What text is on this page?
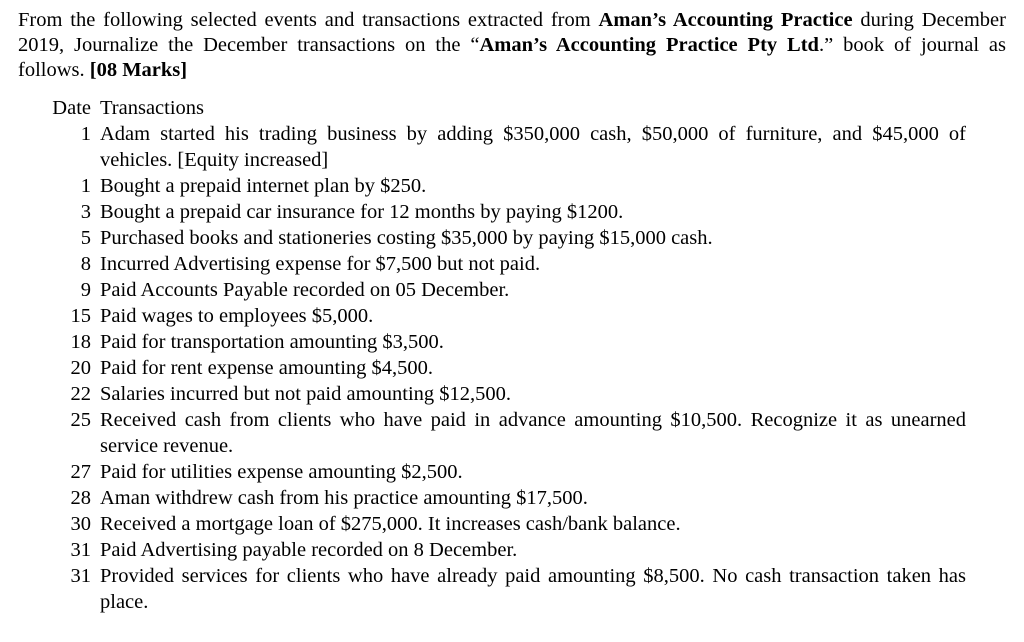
From the following selected events and transactions extracted from Aman’s Accounting Practice during December 2019, Journalize the December transactions on the “Aman’s Accounting Practice Pty Ltd.” book of journal as follows. [08 Marks]

Date Transactions
1 Adam started his trading business by adding $350,000 cash, $50,000 of furniture, and $45,000 of vehicles. [Equity increased]
1 Bought a prepaid internet plan by $250.
3 Bought a prepaid car insurance for 12 months by paying $1200.
5 Purchased books and stationeries costing $35,000 by paying $15,000 cash.
8 Incurred Advertising expense for $7,500 but not paid.
9 Paid Accounts Payable recorded on 05 December.
15 Paid wages to employees $5,000.
18 Paid for transportation amounting $3,500.
20 Paid for rent expense amounting $4,500.
22 Salaries incurred but not paid amounting $12,500.
25 Received cash from clients who have paid in advance amounting $10,500. Recognize it as unearned service revenue.
27 Paid for utilities expense amounting $2,500.
28 Aman withdrew cash from his practice amounting $17,500.
30 Received a mortgage loan of $275,000. It increases cash/bank balance.
31 Paid Advertising payable recorded on 8 December.
31 Provided services for clients who have already paid amounting $8,500. No cash transaction taken has place.
